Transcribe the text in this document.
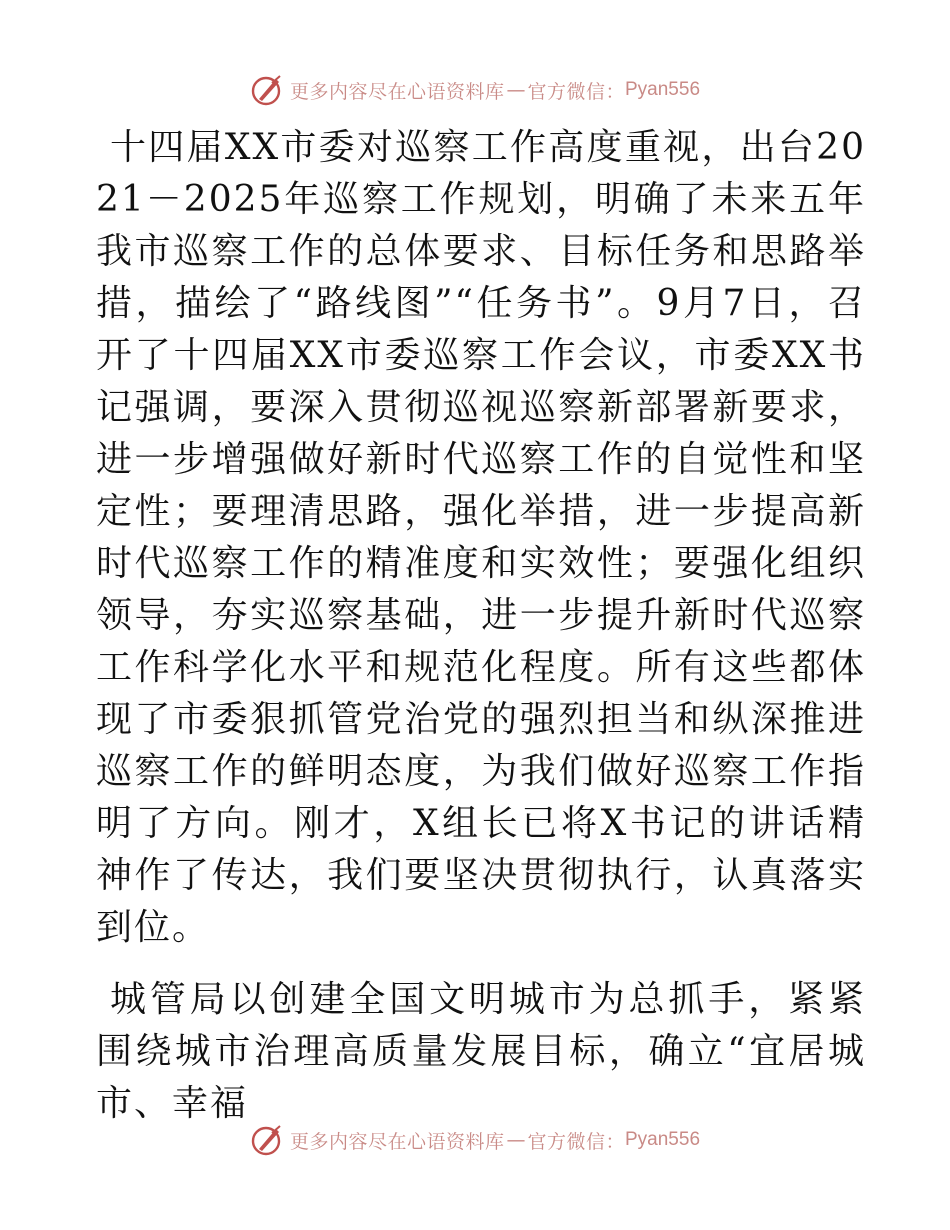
更多内容尽在心语资料库 — 官方微信： Pyan556

十四届XX市委对巡察工作高度重视，出台2021－2025年巡察工作规划，明确了未来五年我市巡察工作的总体要求、目标任务和思路举措，描绘了“路线图”“任务书”。9月7日，召开了十四届XX市委巡察工作会议，市委XX书记强调，要深入贯彻巡视巡察新部署新要求，进一步增强做好新时代巡察工作的自觉性和坚定性；要理清思路，强化举措，进一步提高新时代巡察工作的精准度和实效性；要强化组织领导，夯实巡察基础，进一步提升新时代巡察工作科学化水平和规范化程度。所有这些都体现了市委狠抓管党治党的强烈担当和纵深推进巡察工作的鲜明态度，为我们做好巡察工作指明了方向。刚才，X组长已将X书记的讲话精神作了传达，我们要坚决贯彻执行，认真落实到位。

城管局以创建全国文明城市为总抓手，紧紧围绕城市治理高质量发展目标，确立“宜居城市、幸福

更多内容尽在心语资料库 — 官方微信： Pyan556
